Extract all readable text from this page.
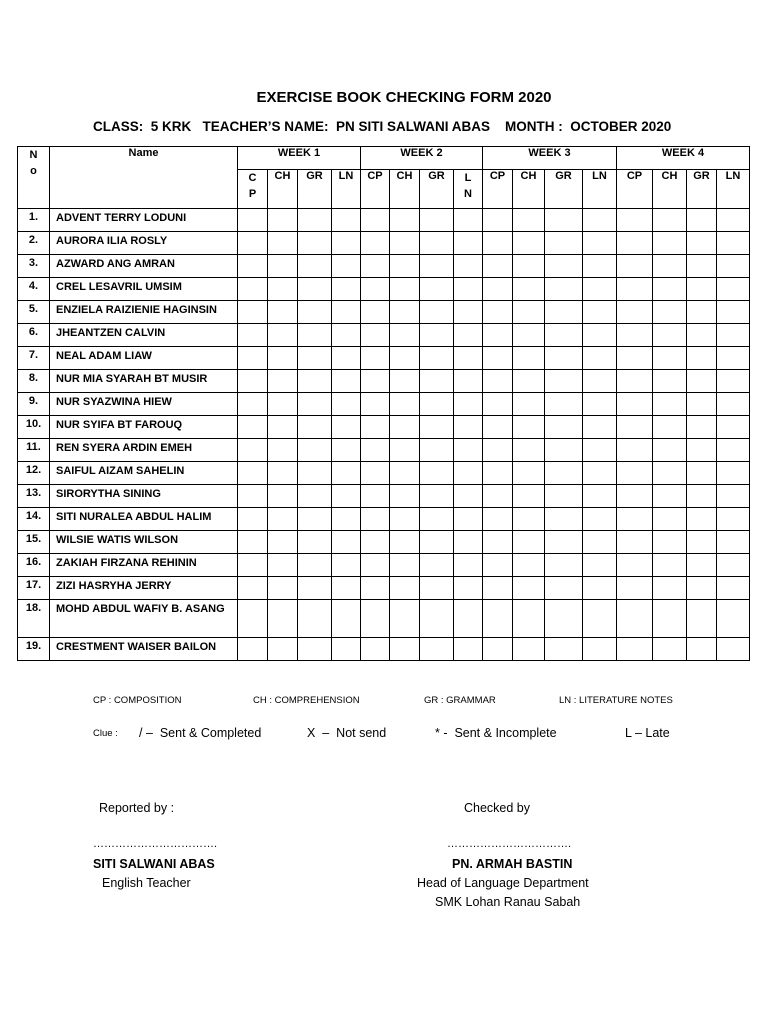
EXERCISE BOOK CHECKING FORM 2020
CLASS:  5 KRK   TEACHER’S NAME:  PN SITI SALWANI ABAS    MONTH :  OCTOBER 2020
N o	Name	WEEK 1				WEEK 2				WEEK 3				WEEK 4			

		CP	CH	GR	LN	CP	CH	GR	LN	CP	CH	GR	LN	CP	CH	GR	LN
1.	ADVENT TERRY LODUNI																
2.	AURORA ILIA ROSLY																
3.	AZWARD ANG AMRAN																
4.	CREL LESAVRIL UMSIM																
5.	ENZIELA RAIZIENIE HAGINSIN																
6.	JHEANTZEN CALVIN																
7.	NEAL ADAM LIAW																
8.	NUR MIA SYARAH BT MUSIR																
9.	NUR SYAZWINA HIEW																
10.	NUR SYIFA BT FAROUQ																
11.	REN SYERA ARDIN EMEH																
12.	SAIFUL AIZAM SAHELIN																
13.	SIRORYTHA SINING																
14.	SITI NURALEA ABDUL HALIM																
15.	WILSIE WATIS WILSON																
16.	ZAKIAH FIRZANA REHININ																
17.	ZIZI HASRYHA JERRY																
18.	MOHD ABDUL WAFIY B. ASANG																
19.	CRESTMENT WAISER BAILON																
CP : COMPOSITION	CH : COMPREHENSION	GR : GRAMMAR	LN : LITERATURE NOTES
Clue : / –  Sent & Completed	X  –  Not send	* -  Sent & Incomplete	L – Late
Reported by :	Checked by
…………………………….	…………………………….
SITI SALWANI ABAS
English Teacher
PN. ARMAH BASTIN
Head of Language Department
SMK Lohan Ranau Sabah
